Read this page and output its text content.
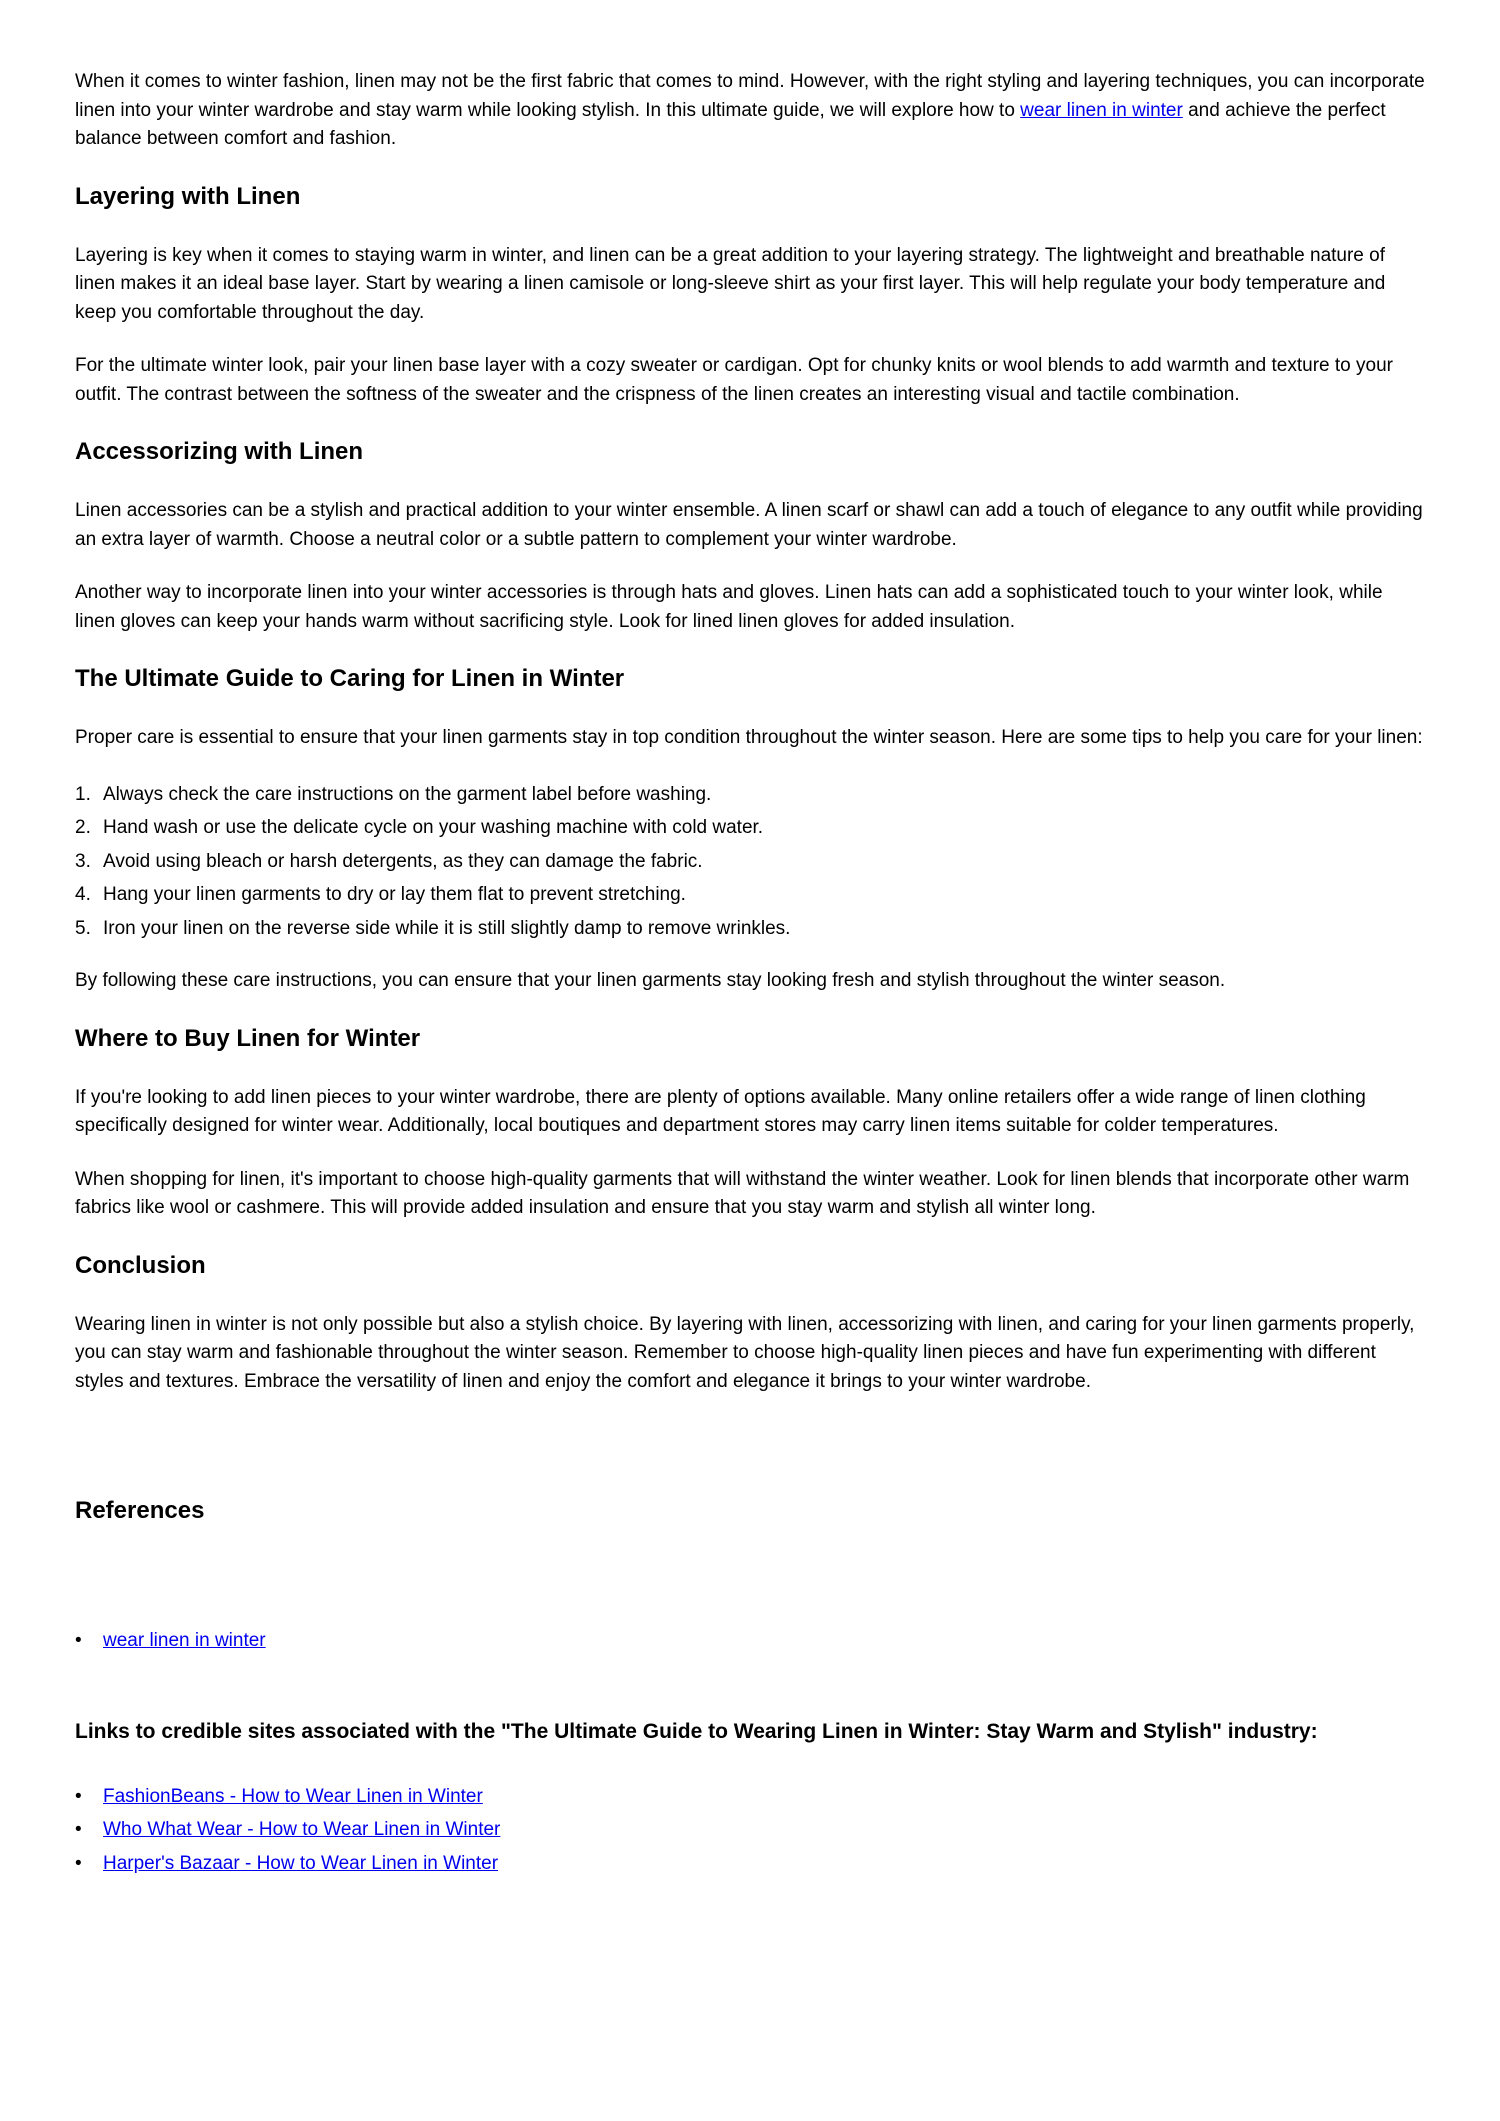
When it comes to winter fashion, linen may not be the first fabric that comes to mind. However, with the right styling and layering techniques, you can incorporate linen into your winter wardrobe and stay warm while looking stylish. In this ultimate guide, we will explore how to wear linen in winter and achieve the perfect balance between comfort and fashion.

Layering with Linen

Layering is key when it comes to staying warm in winter, and linen can be a great addition to your layering strategy. The lightweight and breathable nature of linen makes it an ideal base layer. Start by wearing a linen camisole or long-sleeve shirt as your first layer. This will help regulate your body temperature and keep you comfortable throughout the day.

For the ultimate winter look, pair your linen base layer with a cozy sweater or cardigan. Opt for chunky knits or wool blends to add warmth and texture to your outfit. The contrast between the softness of the sweater and the crispness of the linen creates an interesting visual and tactile combination.

Accessorizing with Linen

Linen accessories can be a stylish and practical addition to your winter ensemble. A linen scarf or shawl can add a touch of elegance to any outfit while providing an extra layer of warmth. Choose a neutral color or a subtle pattern to complement your winter wardrobe.

Another way to incorporate linen into your winter accessories is through hats and gloves. Linen hats can add a sophisticated touch to your winter look, while linen gloves can keep your hands warm without sacrificing style. Look for lined linen gloves for added insulation.

The Ultimate Guide to Caring for Linen in Winter

Proper care is essential to ensure that your linen garments stay in top condition throughout the winter season. Here are some tips to help you care for your linen:

1. Always check the care instructions on the garment label before washing.
2. Hand wash or use the delicate cycle on your washing machine with cold water.
3. Avoid using bleach or harsh detergents, as they can damage the fabric.
4. Hang your linen garments to dry or lay them flat to prevent stretching.
5. Iron your linen on the reverse side while it is still slightly damp to remove wrinkles.

By following these care instructions, you can ensure that your linen garments stay looking fresh and stylish throughout the winter season.

Where to Buy Linen for Winter

If you're looking to add linen pieces to your winter wardrobe, there are plenty of options available. Many online retailers offer a wide range of linen clothing specifically designed for winter wear. Additionally, local boutiques and department stores may carry linen items suitable for colder temperatures.

When shopping for linen, it's important to choose high-quality garments that will withstand the winter weather. Look for linen blends that incorporate other warm fabrics like wool or cashmere. This will provide added insulation and ensure that you stay warm and stylish all winter long.

Conclusion

Wearing linen in winter is not only possible but also a stylish choice. By layering with linen, accessorizing with linen, and caring for your linen garments properly, you can stay warm and fashionable throughout the winter season. Remember to choose high-quality linen pieces and have fun experimenting with different styles and textures. Embrace the versatility of linen and enjoy the comfort and elegance it brings to your winter wardrobe.

References
• wear linen in winter
Links to credible sites associated with the "The Ultimate Guide to Wearing Linen in Winter: Stay Warm and Stylish" industry:
• FashionBeans - How to Wear Linen in Winter
• Who What Wear - How to Wear Linen in Winter
• Harper's Bazaar - How to Wear Linen in Winter
